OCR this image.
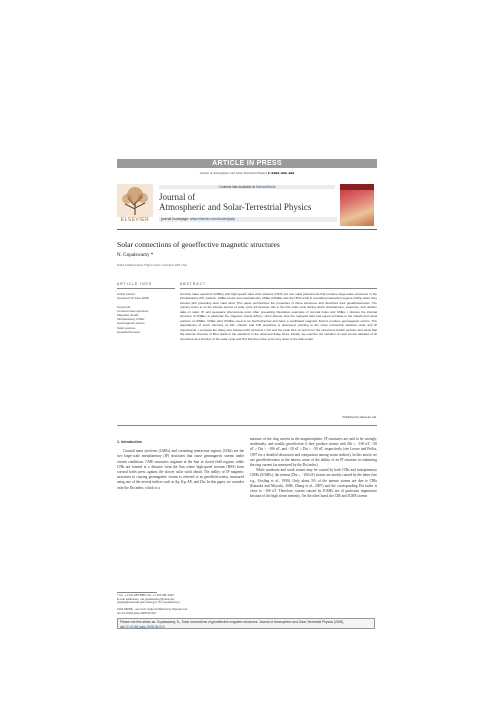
ARTICLE IN PRESS
Journal of Atmospheric and Solar-Terrestrial Physics ■ (■■■■) ■■■–■■■
ELSEVIER
Contents lists available at ScienceDirect
Journal of
Atmospheric and Solar-Terrestrial Physics
journal homepage: www.elsevier.com/locate/jastp
Solar connections of geoeffective magnetic structures
N. Gopalswamy *
NASA Goddard Space Flight Center, Greenbelt, MD, USA
ARTICLE INFO	ABSTRACT
Article history:
Accepted 10 June 2008

Keywords:
Coronal mass ejections
Magnetic clouds
Interplanetary CMEs
Geomagnetic storms
Solar sources
Geoeffectiveness
Coronal mass ejections (CMEs) and high-speed solar wind streams (HSS) are two solar phenomena that produce large-scale structures in the interplanetary (IP) medium. CMEs evolve into interplanetary CMEs (ICMEs) and the HSS result in corotating interaction regions (CIRs) when they interact with preceding slow solar wind. This paper summarizes the properties of these structures and describes their geoeffectiveness. The primary focus is on the intense storms of solar cycle 23 because this is the first solar cycle during which simultaneous, extensive, and uniform data on solar, IP, and geospace phenomena exist. After presenting illustrative examples of coronal holes and CMEs, I discuss the internal structure of ICMEs, in particular the magnetic clouds (MCs). I then discuss how the magnetic field and speed correlate in the sheath and cloud portions of ICMEs. CMEs (and ICMEs) need to be Earth-directed and have a southward magnetic field to produce geomagnetic storms. The dependence of storm intensity on MC, sheath, and CIR properties is discussed, pointing to the close connection between solar and IP phenomena. I compare the delay time between MC arrival at 1 AU and the peak time of storms for the cloud and sheath portions and show that the internal structure of MCs leads to the variations in the observed delay times. Finally, we examine the variation of solar source latitudes of IP structures as a function of the solar cycle and find that they have to be very close to the disk center.
Published by Elsevier Ltd.
1. Introduction

Coronal mass ejections (CMEs) and corotating interaction regions (CIRs) are the two large-scale interplanetary (IP) structures that cause geomagnetic storms under certain conditions. CME structures originate at the Sun in closed field regions, while CIRs are formed at a distance from the Sun where high-speed streams (HSS) from coronal holes press against the slower solar wind ahead. The ability of IP magnetic structures in causing geomagnetic storms is referred to as geoeffectiveness, measured using one of the several indices such as Ap, Kp, AE, and Dst. In this paper, we consider only the Dst index, which is a

measure of the ring current in the magnetosphere. IP structures are said to be strongly, moderately, and weakly geoeffective if they produce storms with Dst ≤ −100 nT, −50 nT ≥ Dst > −100 nT, and −30 nT ≥ Dst > −50 nT, respectively (see Loewe and Prölss, 1997 for a detailed discussion and comparison among storm indices). In this article we use geoeffectiveness in the narrow sense of the ability of an IP structure in enhancing the ring current (as measured by the Dst index).

While moderate and weak storms may be caused by both CIRs and interplanetary CMEs (ICMEs), the intense (Dst ≤ −100 nT) storms are mostly caused by the latter (see e.g., Gosling et al., 1990). Only about 5% of the intense storms are due to CIRs (Kataoka and Miyoshi, 2006; Zhang et al., 2007) and the corresponding Dst index is close to −100 nT. Therefore, storms caused by ICMEs are of particular importance because of the high storm intensity. On the other hand, the CIR and ICME storms

* Tel.: +1 301 286 5885; fax: +1 301 286 1433.
E-mail addresses: nat.gopalswamy@nasa.gov,
gopals@ssedmail.gsfc.nasa.gov (N. Gopalswamy).

1364-6826/$ - see front matter Published by Elsevier Ltd.
doi:10.1016/j.jastp.2008.06.010
Please cite this article as: Gopalswamy, N., Solar connections of geoeffective magnetic structures. Journal of Atmospheric and Solar-Terrestrial Physics (2008), doi:10.1016/j.jastp.2008.06.010
